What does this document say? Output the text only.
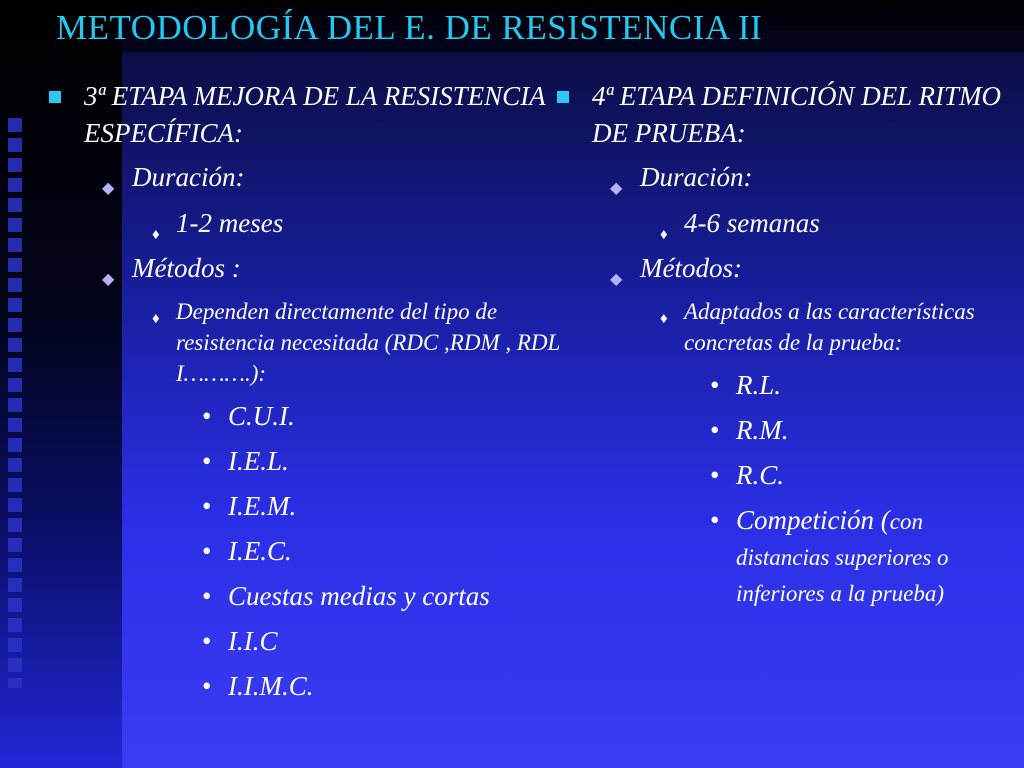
METODOLOGÍA DEL E. DE RESISTENCIA II

3ª ETAPA MEJORA DE LA RESISTENCIA ESPECÍFICA:

◆ Duración:
♦ 1-2 meses
◆ Métodos :
♦ Dependen directamente del tipo de resistencia necesitada (RDC ,RDM , RDL I……….):
• C.U.I.
• I.E.L.
• I.E.M.
• I.E.C.
• Cuestas medias y cortas
• I.I.C
• I.I.M.C.

4ª ETAPA DEFINICIÓN DEL RITMO DE PRUEBA:

◆ Duración:
♦ 4-6 semanas
◆ Métodos:
♦ Adaptados a las características concretas de la prueba:
• R.L.
• R.M.
• R.C.
• Competición (con distancias superiores o inferiores a la prueba)
